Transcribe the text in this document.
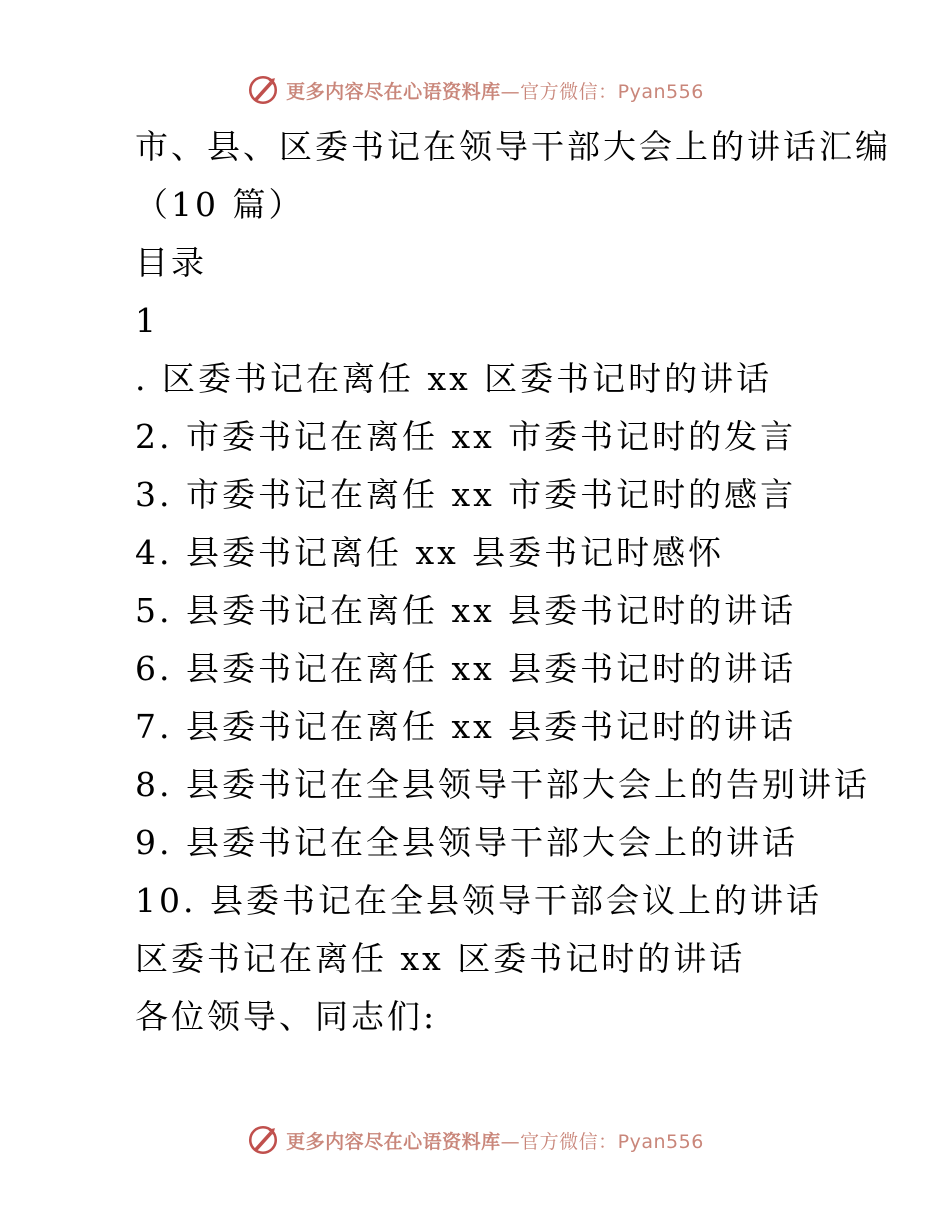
更多内容尽在心语资料库—官方微信：Pyan556
市、县、区委书记在领导干部大会上的讲话汇编
（10 篇）
目录
1
. 区委书记在离任 xx 区委书记时的讲话
2. 市委书记在离任 xx 市委书记时的发言
3. 市委书记在离任 xx 市委书记时的感言
4. 县委书记离任 xx 县委书记时感怀
5. 县委书记在离任 xx 县委书记时的讲话
6. 县委书记在离任 xx 县委书记时的讲话
7. 县委书记在离任 xx 县委书记时的讲话
8. 县委书记在全县领导干部大会上的告别讲话
9. 县委书记在全县领导干部大会上的讲话
10. 县委书记在全县领导干部会议上的讲话
区委书记在离任 xx 区委书记时的讲话
各位领导、同志们:
更多内容尽在心语资料库—官方微信：Pyan556
